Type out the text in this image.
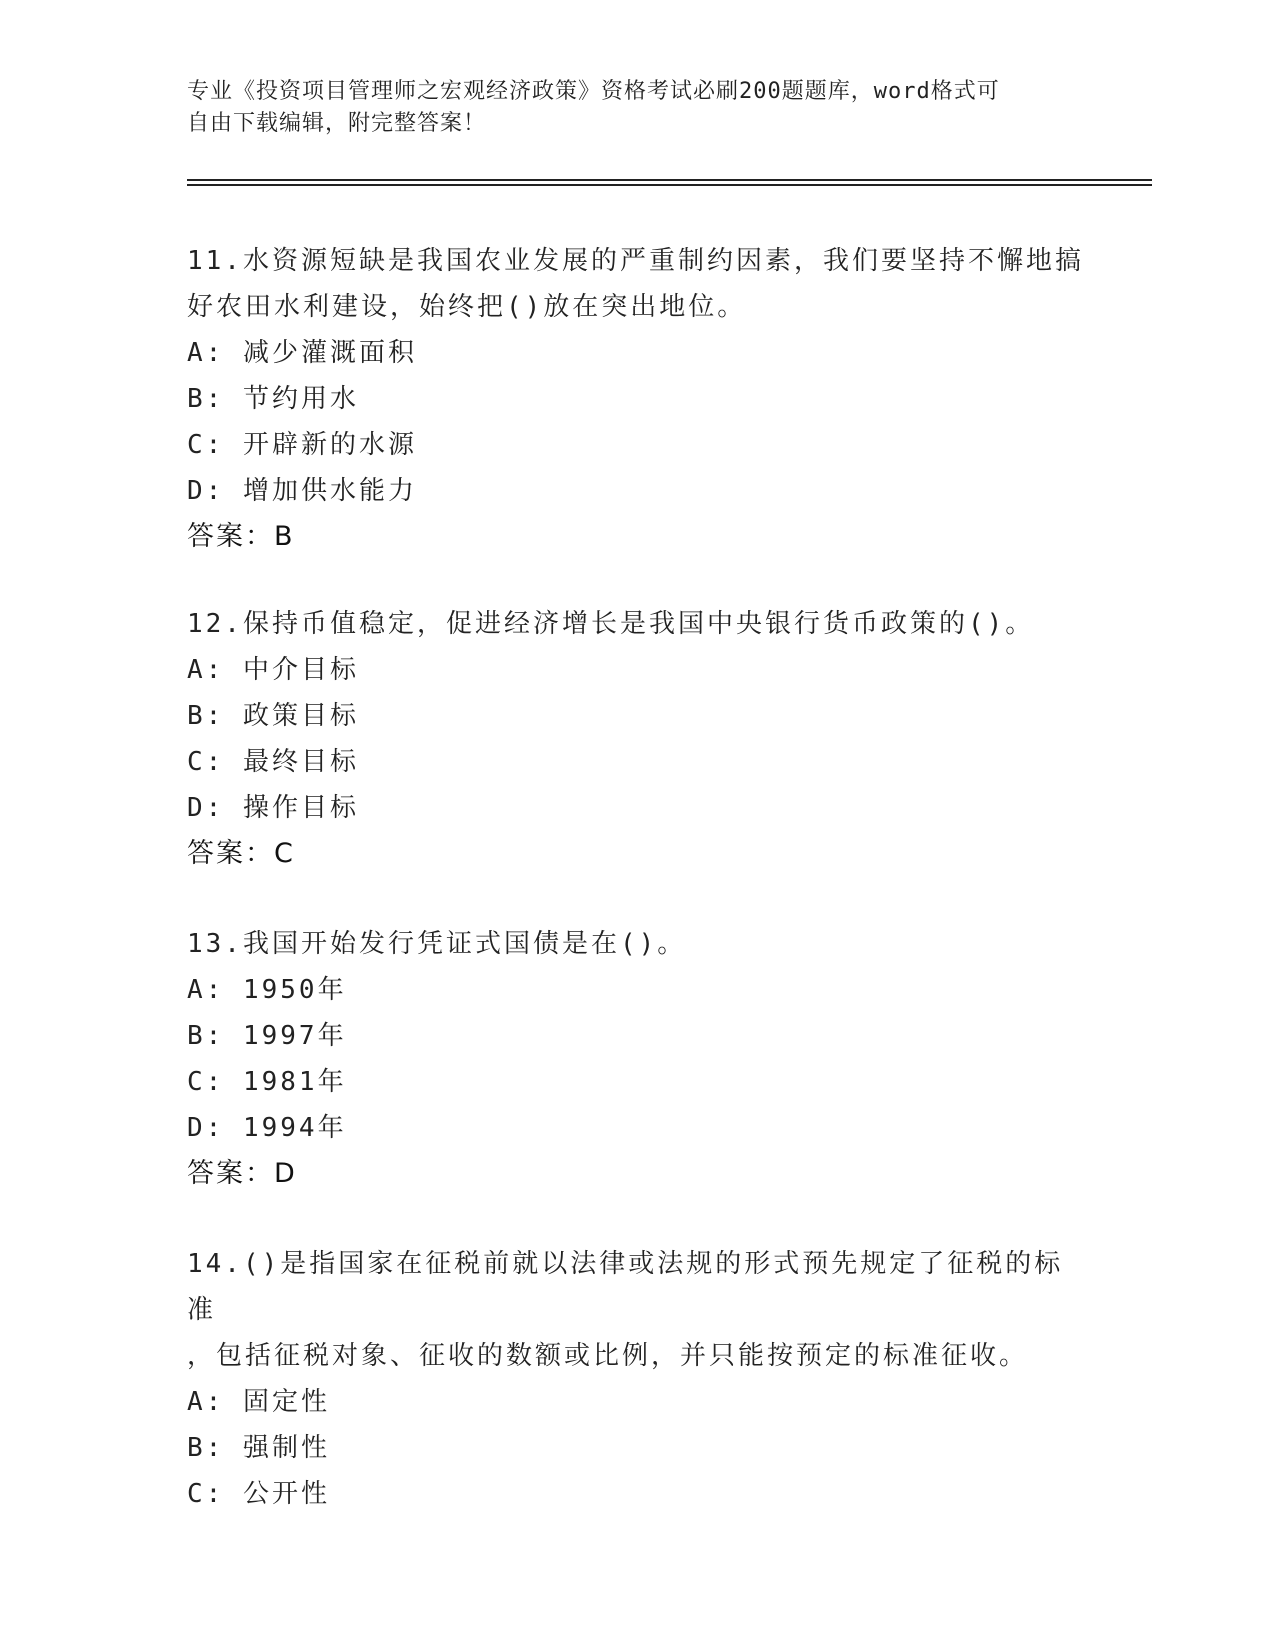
专业《投资项目管理师之宏观经济政策》资格考试必刷200题题库，word格式可
自由下载编辑，附完整答案！
11.水资源短缺是我国农业发展的严重制约因素，我们要坚持不懈地搞
好农田水利建设，始终把()放在突出地位。
A: 减少灌溉面积
B: 节约用水
C: 开辟新的水源
D: 增加供水能力
答案：B
12.保持币值稳定，促进经济增长是我国中央银行货币政策的()。
A: 中介目标
B: 政策目标
C: 最终目标
D: 操作目标
答案：C
13.我国开始发行凭证式国债是在()。
A: 1950年
B: 1997年
C: 1981年
D: 1994年
答案：D
14.()是指国家在征税前就以法律或法规的形式预先规定了征税的标准
，包括征税对象、征收的数额或比例，并只能按预定的标准征收。
A: 固定性
B: 强制性
C: 公开性
